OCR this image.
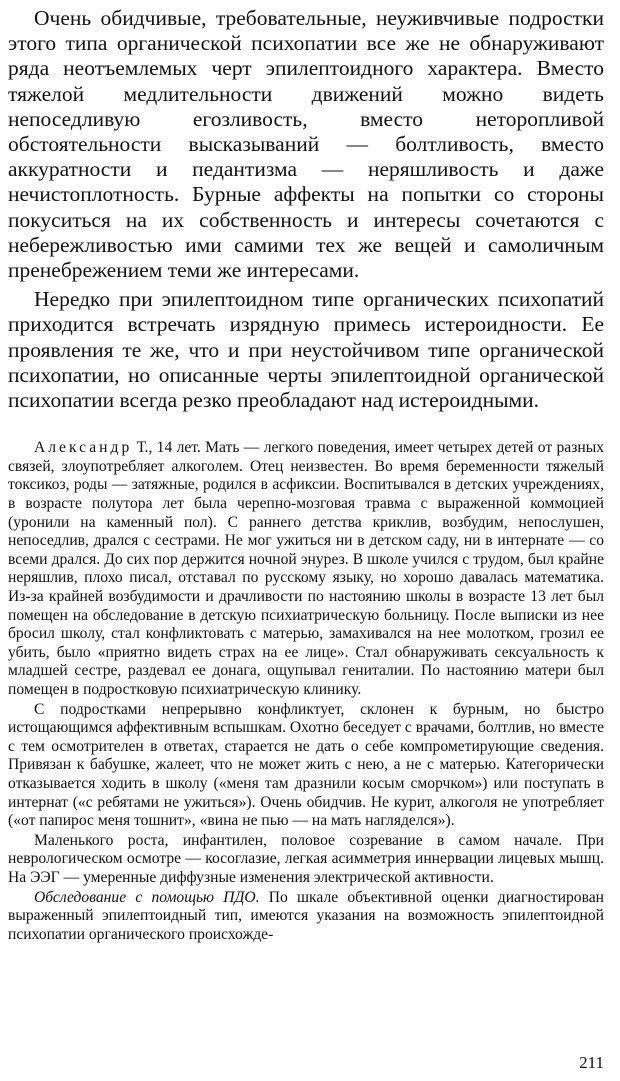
Очень обидчивые, требовательные, неуживчивые подростки этого типа органической психопатии все же не обнаруживают ряда неотъемлемых черт эпилептоидного характера. Вместо тяжелой медлительности движений можно видеть непоседливую егозливость, вместо неторопливой обстоятельности высказываний — болтливость, вместо аккуратности и педантизма — неряшливость и даже нечистоплотность. Бурные аффекты на попытки со стороны покуситься на их собственность и интересы сочетаются с небережливостью ими самими тех же вещей и самоличным пренебрежением теми же интересами.

Нередко при эпилептоидном типе органических психопатий приходится встречать изрядную примесь истероидности. Ее проявления те же, что и при неустойчивом типе органической психопатии, но описанные черты эпилептоидной органической психопатии всегда резко преобладают над истероидными.

Александр Т., 14 лет. Мать — легкого поведения, имеет четырех детей от разных связей, злоупотребляет алкоголем. Отец неизвестен. Во время беременности тяжелый токсикоз, роды — затяжные, родился в асфиксии. Воспитывался в детских учреждениях, в возрасте полутора лет была черепно-мозговая травма с выраженной коммоцией (уронили на каменный пол). С раннего детства криклив, возбудим, непослушен, непоседлив, дрался с сестрами. Не мог ужиться ни в детском саду, ни в интернате — со всеми дрался. До сих пор держится ночной энурез. В школе учился с трудом, был крайне неряшлив, плохо писал, отставал по русскому языку, но хорошо давалась математика. Из-за крайней возбудимости и драчливости по настоянию школы в возрасте 13 лет был помещен на обследование в детскую психиатрическую больницу. После выписки из нее бросил школу, стал конфликтовать с матерью, замахивался на нее молотком, грозил ее убить, было «приятно видеть страх на ее лице». Стал обнаруживать сексуальность к младшей сестре, раздевал ее донага, ощупывал гениталии. По настоянию матери был помещен в подростковую психиатрическую клинику.

С подростками непрерывно конфликтует, склонен к бурным, но быстро истощающимся аффективным вспышкам. Охотно беседует с врачами, болтлив, но вместе с тем осмотрителен в ответах, старается не дать о себе компрометирующие сведения. Привязан к бабушке, жалеет, что не может жить с нею, а не с матерью. Категорически отказывается ходить в школу («меня там дразнили косым сморчком») или поступать в интернат («с ребятами не ужиться»). Очень обидчив. Не курит, алкоголя не употребляет («от папирос меня тошнит», «вина не пью — на мать нагляделся»).

Маленького роста, инфантилен, половое созревание в самом начале. При неврологическом осмотре — косоглазие, легкая асимметрия иннервации лицевых мышц. На ЭЭГ — умеренные диффузные изменения электрической активности.

Обследование с помощью ПДО. По шкале объективной оценки диагностирован выраженный эпилептоидный тип, имеются указания на возможность эпилептоидной психопатии органического происхожде-

211
